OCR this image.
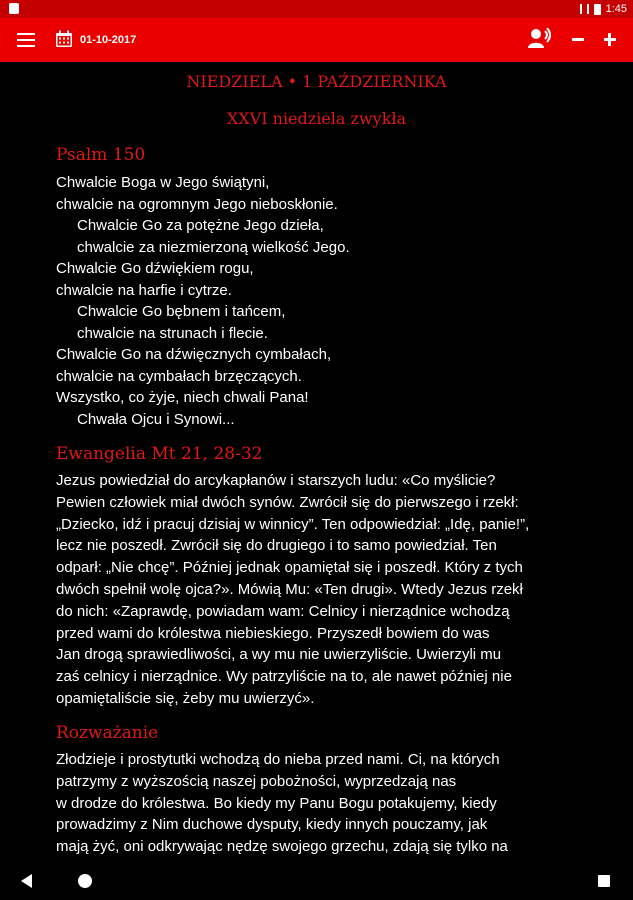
1:45
01-10-2017
NIEDZIELA • 1 PAŹDZIERNIKA
XXVI niedziela zwykła
Psalm 150
Chwalcie Boga w Jego świątyni,
chwalcie na ogromnym Jego nieboskłonie.
Chwalcie Go za potężne Jego dzieła,
chwalcie za niezmierzoną wielkość Jego.
Chwalcie Go dźwiękiem rogu,
chwalcie na harfie i cytrze.
Chwalcie Go bębnem i tańcem,
chwalcie na strunach i flecie.
Chwalcie Go na dźwięcznych cymbałach,
chwalcie na cymbałach brzęczących.
Wszystko, co żyje, niech chwali Pana!
Chwała Ojcu i Synowi...
Ewangelia Mt 21, 28-32

Jezus powiedział do arcykapłanów i starszych ludu: «Co myślicie?
Pewien człowiek miał dwóch synów. Zwrócił się do pierwszego i rzekł:
„Dziecko, idź i pracuj dzisiaj w winnicy”. Ten odpowiedział: „Idę, panie!”,
lecz nie poszedł. Zwrócił się do drugiego i to samo powiedział. Ten
odparł: „Nie chcę”. Później jednak opamiętał się i poszedł. Który z tych
dwóch spełnił wolę ojca?». Mówią Mu: «Ten drugi». Wtedy Jezus rzekł
do nich: «Zaprawdę, powiadam wam: Celnicy i nierządnice wchodzą
przed wami do królestwa niebieskiego. Przyszedł bowiem do was
Jan drogą sprawiedliwości, a wy mu nie uwierzyliście. Uwierzyli mu
zaś celnicy i nierządnice. Wy patrzyliście na to, ale nawet później nie
opamiętaliście się, żeby mu uwierzyć».

Rozważanie

Złodzieje i prostytutki wchodzą do nieba przed nami. Ci, na których
patrzymy z wyższością naszej pobożności, wyprzedzają nas
w drodze do królestwa. Bo kiedy my Panu Bogu potakujemy, kiedy
prowadzimy z Nim duchowe dysputy, kiedy innych pouczamy, jak
mają żyć, oni odkrywając nędzę swojego grzechu, zdają się tylko na
